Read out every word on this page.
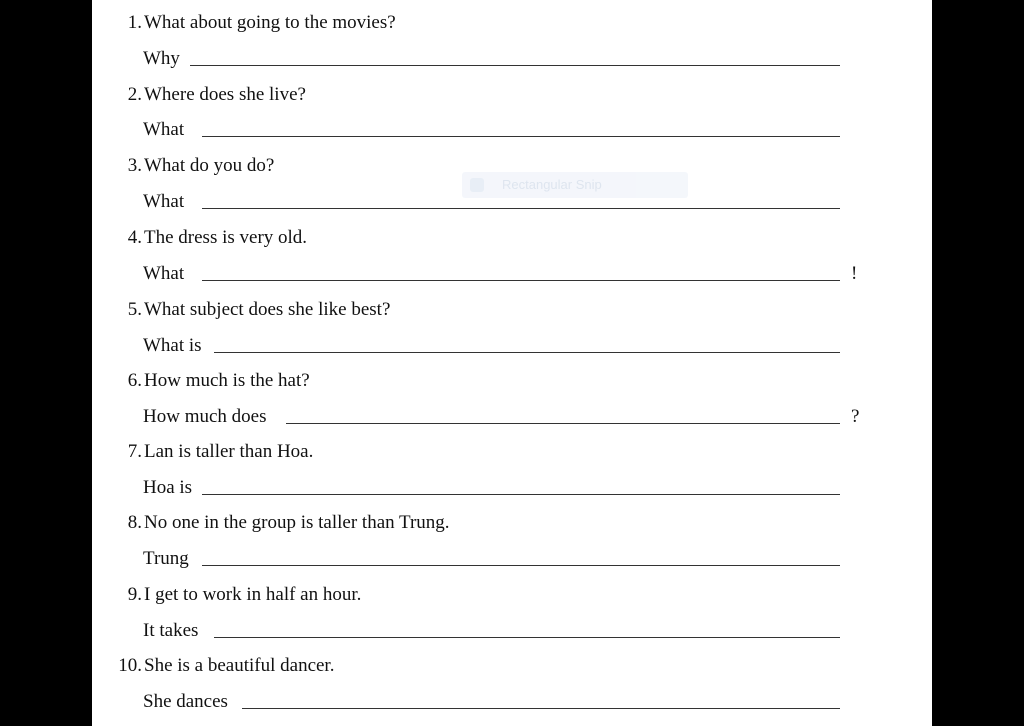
Rectangular Snip
1. What about going to the movies?
Why
2. Where does she live?
What
3. What do you do?
What
4. The dress is very old.
What	!
5. What subject does she like best?
What is
6. How much is the hat?
How much does	?
7. Lan is taller than Hoa.
Hoa is
8. No one in the group is taller than Trung.
Trung
9. I get to work in half an hour.
It takes
10. She is a beautiful dancer.
She dances
